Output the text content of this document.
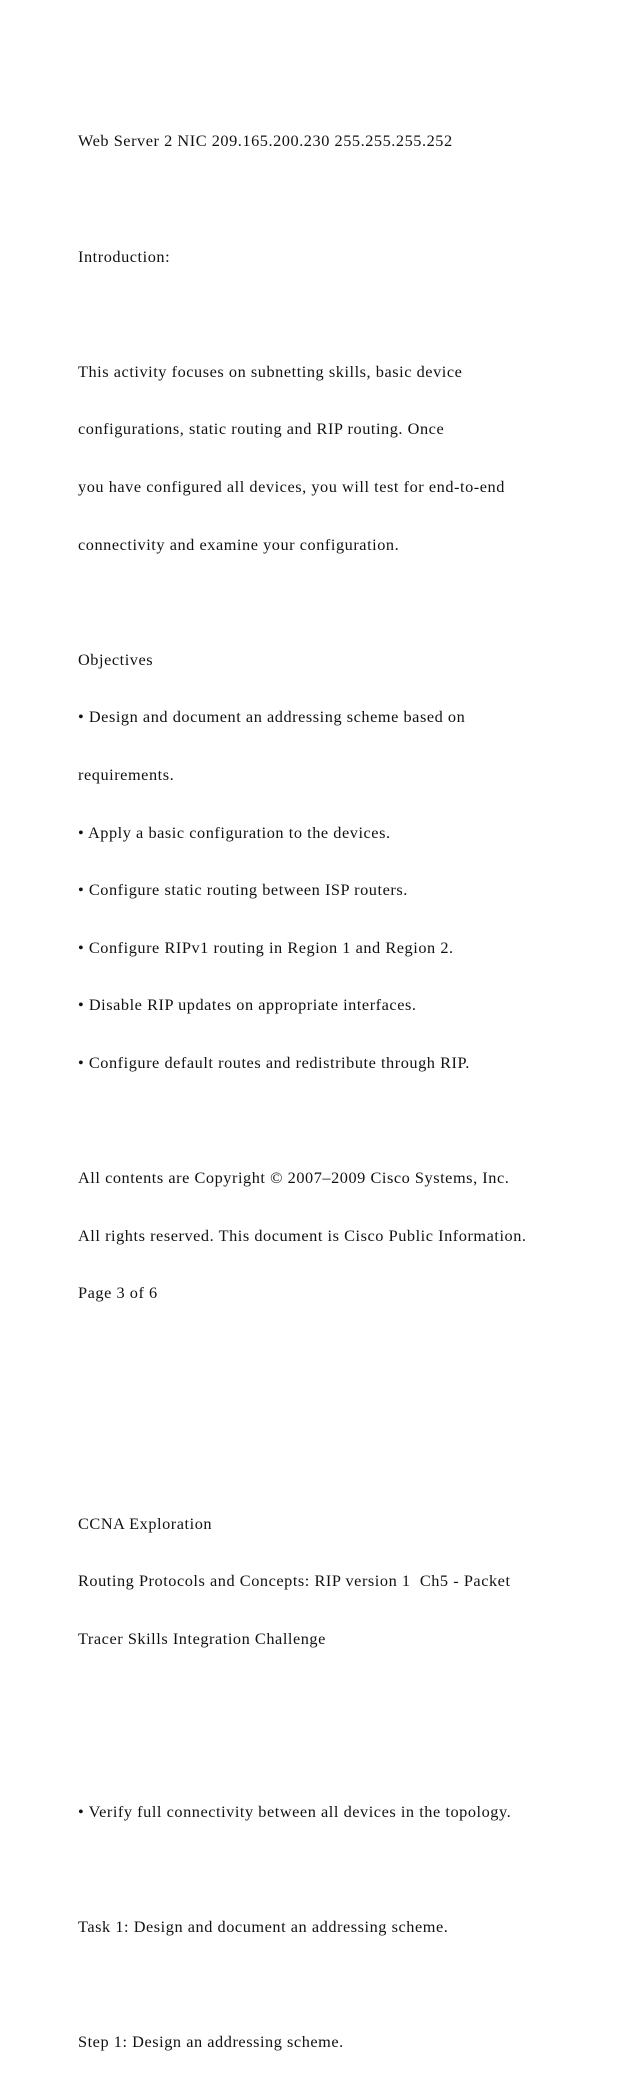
Web Server 2 NIC 209.165.200.230 255.255.255.252

Introduction:

This activity focuses on subnetting skills, basic device

configurations, static routing and RIP routing. Once

you have configured all devices, you will test for end-to-end

connectivity and examine your configuration.

Objectives

• Design and document an addressing scheme based on

requirements.

• Apply a basic configuration to the devices.

• Configure static routing between ISP routers.

• Configure RIPv1 routing in Region 1 and Region 2.

• Disable RIP updates on appropriate interfaces.

• Configure default routes and redistribute through RIP.

All contents are Copyright © 2007–2009 Cisco Systems, Inc.

All rights reserved. This document is Cisco Public Information.

Page 3 of 6

CCNA Exploration

Routing Protocols and Concepts: RIP version 1  Ch5 - Packet

Tracer Skills Integration Challenge

• Verify full connectivity between all devices in the topology.

Task 1: Design and document an addressing scheme.

Step 1: Design an addressing scheme.
